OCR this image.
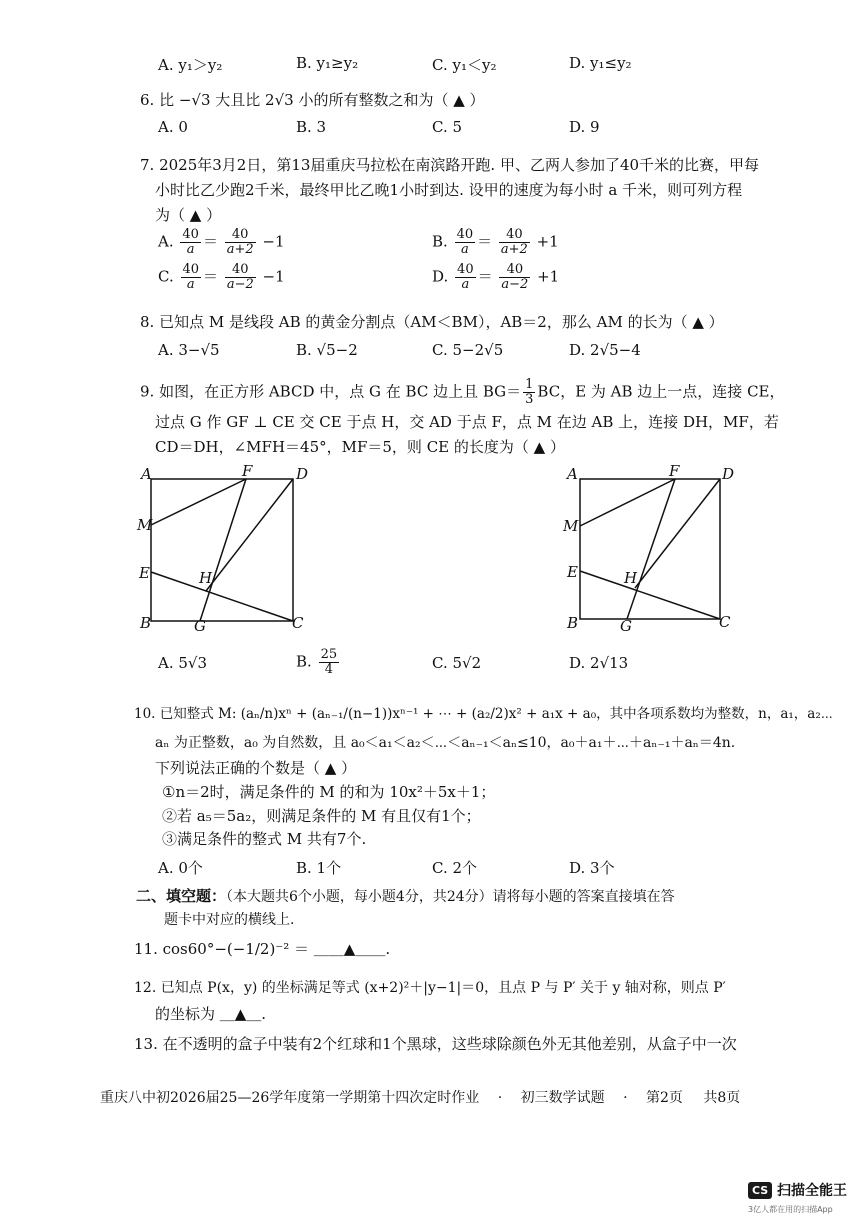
A. y₁＞y₂	B. y₁≥y₂	C. y₁＜y₂	D. y₁≤y₂
6. 比 −√3 大且比 2√3 小的所有整数之和为（ ▲ ）
A. 0	B. 3	C. 5	D. 9
7. 2025年3月2日，第13届重庆马拉松在南滨路开跑. 甲、乙两人参加了40千米的比赛，甲每
小时比乙少跑2千米，最终甲比乙晚1小时到达. 设甲的速度为每小时 a 千米，则可列方程
为（ ▲ ）
A. $\frac{40}{a} = \frac{40}{a+2} -1$	B. $\frac{40}{a} = \frac{40}{a+2} +1$
C. $\frac{40}{a} = \frac{40}{a-2} -1$	D. $\frac{40}{a} = \frac{40}{a-2} +1$
8. 已知点 M 是线段 AB 的黄金分割点（AM＜BM），AB＝2，那么 AM 的长为（ ▲ ）
A. 3−√5	B. √5−2	C. 5−2√5	D. 2√5−4
9. 如图，在正方形 ABCD 中，点 G 在 BC 边上且 $BG= \frac{1}{3}$ BC，E 为 AB 边上一点，连接 CE，
过点 G 作 GF ⊥ CE 交 CE 于点 H，交 AD 于点 F，点 M 在边 AB 上，连接 DH，MF，若
CD＝DH，∠MFH＝45°，MF＝5，则 CE 的长度为（ ▲ ）
A	F	D
M
E	H
B	G	C
A	F	D
M
E	H
B	G	C
A. 5√3	B. $\frac{25}{4}$	C. 5√2	D. 2√13
10. 已知整式 M: (aₙ/n)xⁿ + (aₙ₋₁/(n−1))xⁿ⁻¹ + ⋯ + (a₂/2)x² + a₁x + a₀，其中各项系数均为整数，n，a₁，a₂⋯
aₙ 为正整数，a₀ 为自然数，且 a₀＜a₁＜a₂＜⋯＜aₙ₋₁＜aₙ≤10，a₀＋a₁＋⋯＋aₙ₋₁＋aₙ＝4n.
下列说法正确的个数是（ ▲ ）
①n＝2时，满足条件的 M 的和为 10x²＋5x＋1；
②若 a₅＝5a₂，则满足条件的 M 有且仅有1个；
③满足条件的整式 M 共有7个.
A. 0个	B. 1个	C. 2个	D. 3个
二、填空题：（本大题共6个小题，每小题4分，共24分）请将每小题的答案直接填在答
题卡中对应的横线上.
11. cos60°−(−1/2)⁻² ＝ ＿＿▲＿＿.
12. 已知点 P(x，y) 的坐标满足等式 (x+2)²＋|y−1|＝0，且点 P 与 P′ 关于 y 轴对称，则点 P′
的坐标为 ＿▲＿.
13. 在不透明的盒子中装有2个红球和1个黑球，这些球除颜色外无其他差别，从盒子中一次
重庆八中初2026届25—26学年度第一学期第十四次定时作业 · 初三数学试题 · 第2页 共8页
CS 扫描全能王
3亿人都在用的扫描App
